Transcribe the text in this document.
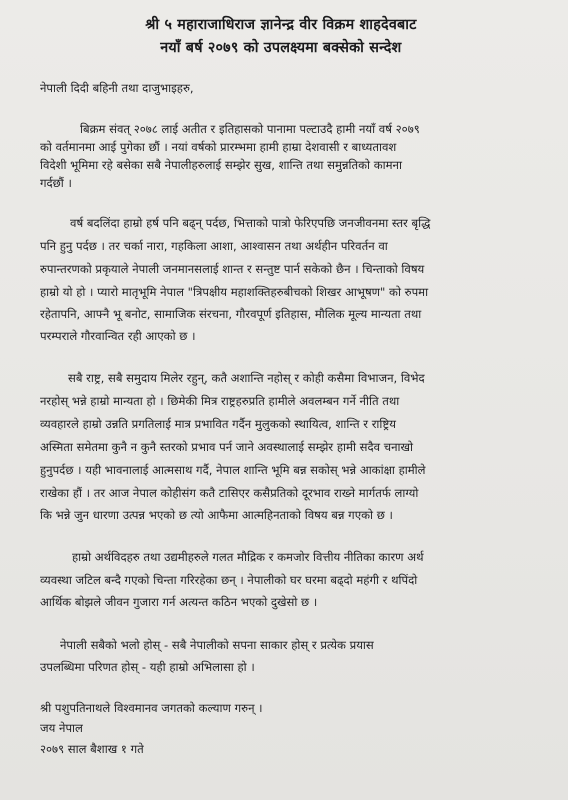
श्री ५ महाराजाधिराज ज्ञानेन्द्र वीर विक्रम शाहदेवबाट
नयाँ बर्ष २०७९ को उपलक्ष्यमा बक्सेको सन्देश
नेपाली दिदी बहिनी तथा दाजुभाइहरु,
बिक्रम संवत् २०७८ लाई अतीत र इतिहासको पानामा पल्टाउदै हामी नयाँ वर्ष २०७९
को वर्तमानमा आई पुगेका छौं । नयां वर्षको प्रारम्भमा हामी हाम्रा देशवासी र बाध्यतावश
विदेशी भूमिमा रहे बसेका सबै नेपालीहरुलाई सम्झेर सुख, शान्ति तथा समुन्नतिको कामना
गर्दछौं ।
वर्ष बदलिंदा हाम्रो हर्ष पनि बढ्न् पर्दछ, भित्ताको पात्रो फेरिएपछि जनजीवनमा स्तर बृद्धि
पनि हुनु पर्दछ । तर चर्का नारा, गहकिला आशा, आश्वासन तथा अर्थहीन परिवर्तन वा
रुपान्तरणको प्रकृयाले नेपाली जनमानसलाई शान्त र सन्तुष्ट पार्न सकेको छैन । चिन्ताको विषय
हाम्रो यो हो । प्यारो मातृभूमि नेपाल "त्रिपक्षीय महाशक्तिहरुबीचको शिखर आभूषण" को रुपमा
रहेतापनि, आफ्नै भू बनोट, सामाजिक संरचना, गौरवपूर्ण इतिहास, मौलिक मूल्य मान्यता तथा
परम्पराले गौरवान्वित रही आएको छ ।
सबै राष्ट्र, सबै समुदाय मिलेर रहुन्, कतै अशान्ति नहोस् र कोही कसैमा विभाजन, विभेद
नरहोस् भन्ने हाम्रो मान्यता हो । छिमेकी मित्र राष्ट्रहरुप्रति हामीले अवलम्बन गर्ने नीति तथा
व्यवहारले हाम्रो उन्नति प्रगतिलाई मात्र प्रभावित गर्दैन मुलुकको स्थायित्व, शान्ति र राष्ट्रिय
अस्मिता समेतमा कुनै न कुनै स्तरको प्रभाव पर्न जाने अवस्थालाई सम्झेर हामी सदैव चनाखो
हुनुपर्दछ । यही भावनालाई आत्मसाथ गर्दै, नेपाल शान्ति भूमि बन्न सकोस् भन्ने आकांक्षा हामीले
राखेका हौं । तर आज नेपाल कोहीसंग कतै टासिएर कसैप्रतिको दूरभाव राख्ने मार्गतर्फ लाग्यो
कि भन्ने जुन धारणा उत्पन्न भएको छ त्यो आफैमा आत्महिनताको विषय बन्न गएको छ ।
हाम्रो अर्थविदहरु तथा उद्यमीहरुले गलत मौद्रिक र कमजोर वित्तीय नीतिका कारण अर्थ
व्यवस्था जटिल बन्दै गएको चिन्ता गरिरहेका छन् । नेपालीको घर घरमा बढ्दो महंगी र थपिंदो
आर्थिक बोझले जीवन गुजारा गर्न अत्यन्त कठिन भएको दुखेसो छ ।
नेपाली सबैको भलो होस् - सबै नेपालीको सपना साकार होस् र प्रत्येक प्रयास
उपलब्धिमा परिणत होस् - यही हाम्रो अभिलासा हो ।
श्री पशुपतिनाथले विश्वमानव जगतको कल्याण गरुन् ।
जय नेपाल
२०७९ साल बैशाख १ गते
